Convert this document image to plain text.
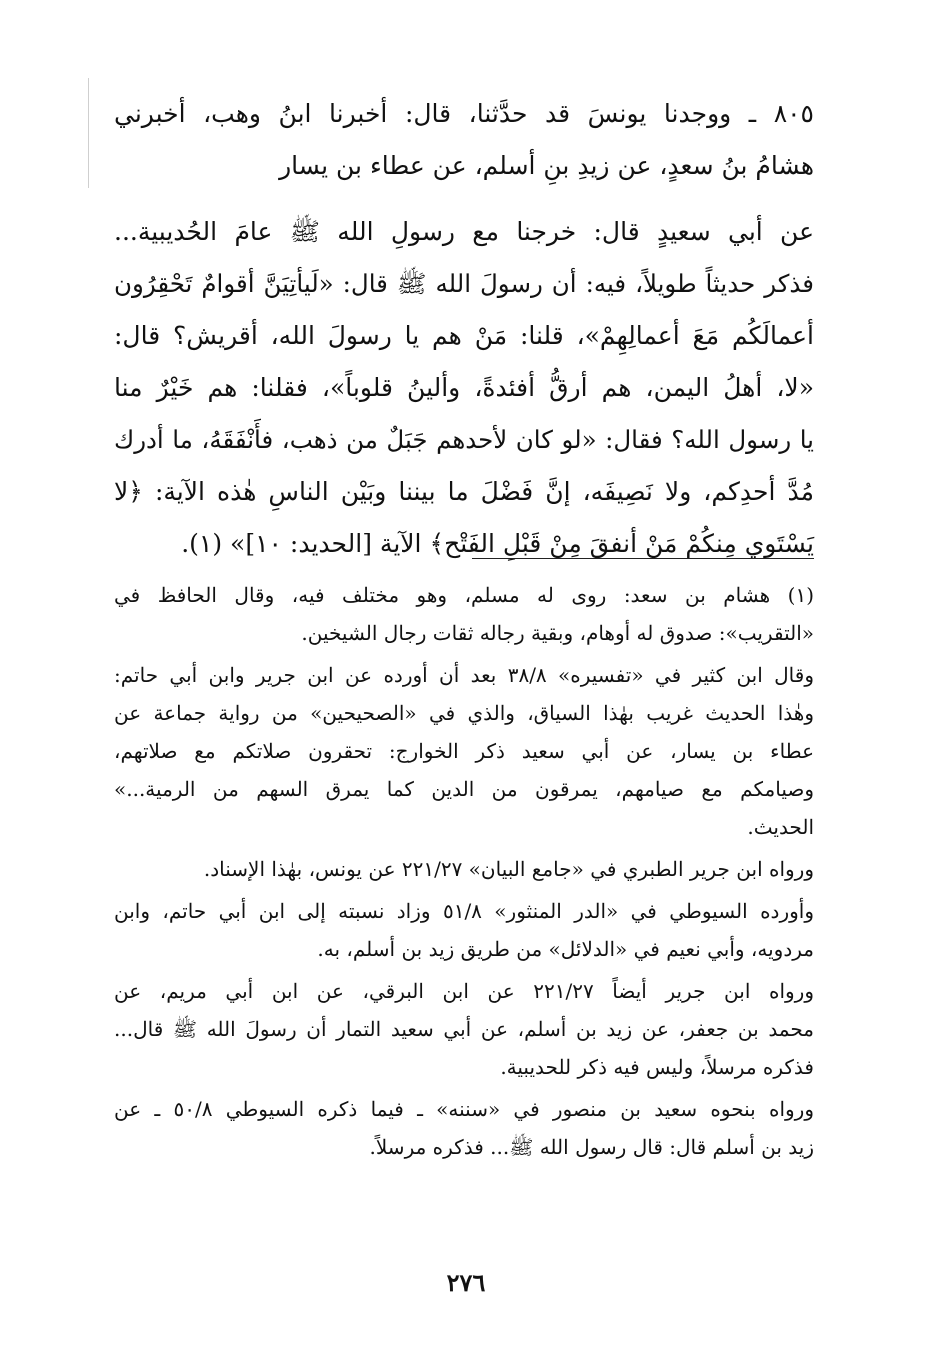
٨٠٥ ـ ووجدنا يونسَ قد حدَّثنا، قال: أخبرنا ابنُ وهب، أخبرني
هشامُ بنُ سعدٍ، عن زيدِ بنِ أسلم، عن عطاء بن يسار
عن أبي سعيدٍ قال: خرجنا مع رسولِ الله ﷺ عامَ الحُديبية...
فذكر حديثاً طويلاً، فيه: أن رسولَ الله ﷺ قال: «لَيأتِيَنَّ أقوامٌ تَحْقِرُون
أعمالَكُم مَعَ أعمالِهِمْ»، قلنا: مَنْ هم يا رسولَ الله، أقريش؟ قال:
«لا، أهلُ اليمن، هم أرقُّ أفئدةً، وألينُ قلوباً»، فقلنا: هم خَيْرٌ منا
يا رسول الله؟ فقال: «لو كان لأحدهم جَبَلٌ من ذهب، فأَنْفَقَهُ، ما أدرك
مُدَّ أحدِكم، ولا نَصِيفَه، إنَّ فَضْلَ ما بيننا وبَيْن الناسِ هٰذه الآية: ﴿لا
يَسْتَوي مِنكُمْ مَنْ أنفقَ مِنْ قَبْلِ الفَتْح﴾ الآية [الحديد: ١٠]» (١).
(١) هشام بن سعد: روى له مسلم، وهو مختلف فيه، وقال الحافظ في
«التقريب»: صدوق له أوهام، وبقية رجاله ثقات رجال الشيخين.
وقال ابن كثير في «تفسيره» ٣٨/٨ بعد أن أورده عن ابن جرير وابن أبي حاتم:
وهٰذا الحديث غريب بهٰذا السياق، والذي في «الصحيحين» من رواية جماعة عن
عطاء بن يسار، عن أبي سعيد ذكر الخوارج: تحقرون صلاتكم مع صلاتهم،
وصيامكم مع صيامهم، يمرقون من الدين كما يمرق السهم من الرمية...»
الحديث.
ورواه ابن جرير الطبري في «جامع البيان» ٢٢١/٢٧ عن يونس، بهٰذا الإسناد.
وأورده السيوطي في «الدر المنثور» ٥١/٨ وزاد نسبته إلى ابن أبي حاتم، وابن
مردويه، وأبي نعيم في «الدلائل» من طريق زيد بن أسلم، به.
ورواه ابن جرير أيضاً ٢٢١/٢٧ عن ابن البرقي، عن ابن أبي مريم، عن
محمد بن جعفر، عن زيد بن أسلم، عن أبي سعيد التمار أن رسولَ الله ﷺ قال...
فذكره مرسلاً، وليس فيه ذكر للحديبية.
ورواه بنحوه سعيد بن منصور في «سننه» ـ فيما ذكره السيوطي ٥٠/٨ ـ عن
زيد بن أسلم قال: قال رسول الله ﷺ... فذكره مرسلاً.
٢٧٦
